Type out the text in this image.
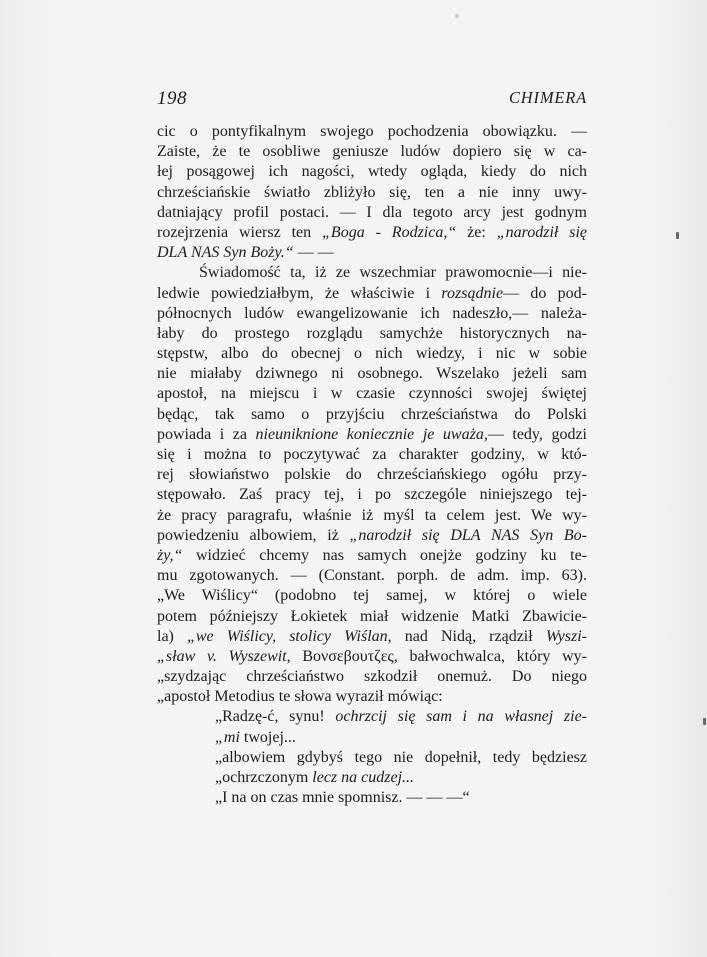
198	CHIMERA
cic o pontyfikalnym swojego pochodzenia obowiązku. —
Zaiste, że te osobliwe geniusze ludów dopiero się w ca-
łej posągowej ich nagości, wtedy ogląda, kiedy do nich
chrześciańskie światło zbliżyło się, ten a nie inny uwy-
datniający profil postaci. — I dla tegoto arcy jest godnym
rozejrzenia wiersz ten „Boga - Rodzica,“ że: „narodził się
DLA NAS Syn Boży.“ — —
Świadomość ta, iż ze wszechmiar prawomocnie—i nie-
ledwie powiedziałbym, że właściwie i rozsądnie— do pod-
północnych ludów ewangelizowanie ich nadeszło,— należa-
łaby do prostego rozglądu samychże historycznych na-
stępstw, albo do obecnej o nich wiedzy, i nic w sobie
nie miałaby dziwnego ni osobnego. Wszelako jeżeli sam
apostoł, na miejscu i w czasie czynności swojej świętej
będąc, tak samo o przyjściu chrześciaństwa do Polski
powiada i za nieuniknione koniecznie je uważa,— tedy, godzi
się i można to poczytywać za charakter godziny, w któ-
rej słowiaństwo polskie do chrześciańskiego ogółu przy-
stępowało. Zaś pracy tej, i po szczególe niniejszego tej-
że pracy paragrafu, właśnie iż myśl ta celem jest. We wy-
powiedzeniu albowiem, iż „narodził się DLA NAS Syn Bo-
ży,“ widzieć chcemy nas samych onejże godziny ku te-
mu zgotowanych. — (Constant. porph. de adm. imp. 63).
„We Wiślicy“ (podobno tej samej, w której o wiele
potem późniejszy Łokietek miał widzenie Matki Zbawicie-
la) „we Wiślicy, stolicy Wiślan, nad Nidą, rządził Wyszi-
„sław v. Wyszewit, Βονσεβουτζες, bałwochwalca, który wy-
„szydzając chrześciaństwo szkodził onemuż. Do niego
„apostoł Metodius te słowa wyraził mówiąc:
„Radzę-ć, synu! ochrzcij się sam i na własnej zie-
„mi twojej...
„albowiem gdybyś tego nie dopełnił, tedy będziesz
„ochrzczonym lecz na cudzej...
„I na on czas mnie spomnisz. — — —“
